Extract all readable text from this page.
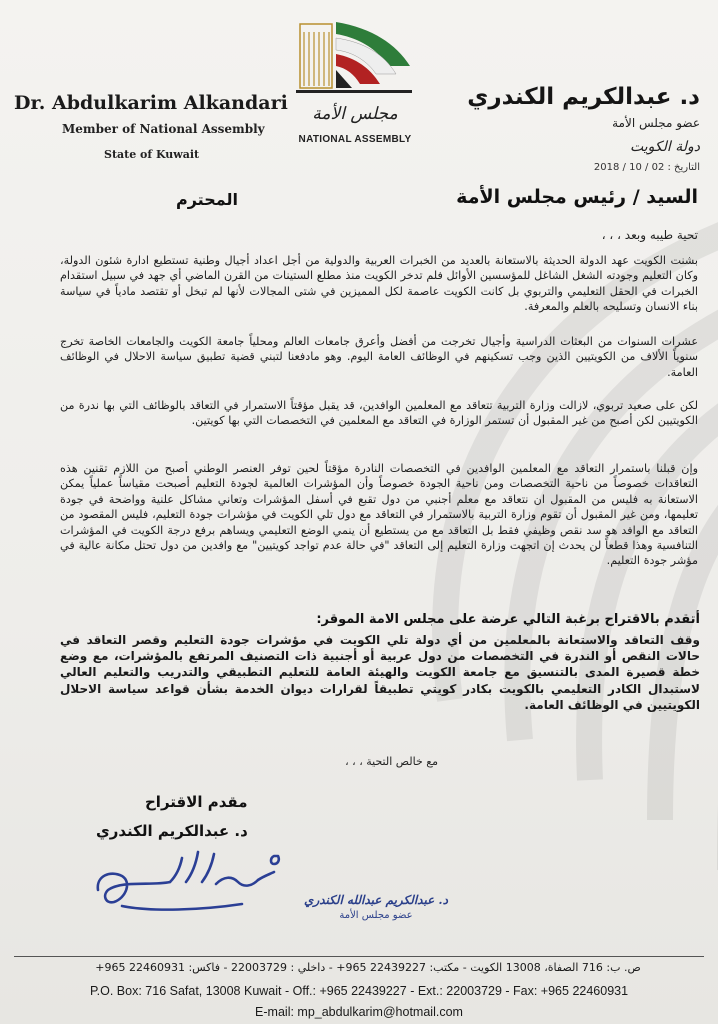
Dr. Abdulkarim Alkandari
Member of National Assembly
State of Kuwait
مجلس الأمة
NATIONAL ASSEMBLY
د. عبدالكريم الكندري
عضو مجلس الأمة
دولة الكويت
التاريخ : 02 / 10 / 2018
السيد / رئيس مجلس الأمة
المحترم
تحية طيبه وبعد ، ، ،
بشنت الكويت عهد الدولة الحديثة بالاستعانة بالعديد من الخبرات العربية والدولية من أجل اعداد أجيال وطنية تستطيع ادارة شئون الدولة، وكان التعليم وجودته الشغل الشاغل للمؤسسين الأوائل فلم تدخر الكويت منذ مطلع الستينات من القرن الماضي أي جهد في سبيل استقدام الخبرات في الحقل التعليمي والتربوي بل كانت الكويت عاصمة لكل المميزين في شتى المجالات لأنها لم تبخل أو تقتصد مادياً في سياسة بناء الانسان وتسليحه بالعلم والمعرفة.
عشرات السنوات من البعثات الدراسية وأجيال تخرجت من أفضل وأعرق جامعات العالم ومحلياً جامعة الكويت والجامعات الخاصة تخرج سنوياً الألاف من الكويتيين الذين وجب تسكينهم في الوظائف العامة اليوم. وهو مادفعنا لتبني قضية تطبيق سياسة الاحلال في الوظائف العامة.
لكن على صعيد تربوي، لازالت وزارة التربية تتعاقد مع المعلمين الوافدين، قد يقبل مؤقتاً الاستمرار في التعاقد بالوظائف التي بها ندرة من الكويتيين لكن أصبح من غير المقبول أن تستمر الوزارة في التعاقد مع المعلمين في التخصصات التي بها كويتين.
وإن قبلنا باستمرار التعاقد مع المعلمين الوافدين في التخصصات النادرة مؤقتاً لحين توفر العنصر الوطني أصبح من اللازم تقنين هذه التعاقدات خصوصاً من ناحية التخصصات ومن ناحية الجودة خصوصاً وأن المؤشرات العالمية لجودة التعليم أصبحت مقياساً عملياً يمكن الاستعانة به فليس من المقبول ان نتعاقد مع معلم أجنبي من دول تقبع في أسفل المؤشرات وتعاني مشاكل علنية وواضحة في جودة تعليمها، ومن غير المقبول أن تقوم وزارة التربية بالاستمرار في التعاقد مع دول تلي الكويت في مؤشرات جودة التعليم، فليس المقصود من التعاقد مع الوافد هو سد نقص وظيفي فقط بل التعاقد مع من يستطيع أن ينمي الوضع التعليمي ويساهم برفع درجة الكويت في المؤشرات التنافسية وهذا قطعاً لن يحدث إن اتجهت وزارة التعليم إلى التعاقد "في حالة عدم تواجد كويتيين" مع وافدين من دول تحتل مكانة عالية في مؤشر جودة التعليم.
أتقدم بالاقتراح برغبة التالي عرضة على مجلس الامة الموقر:
وقف التعاقد والاستعانة بالمعلمين من أي دولة تلي الكويت في مؤشرات جودة التعليم وقصر التعاقد في حالات النقص أو الندرة في التخصصات من دول عربية أو أجنبية ذات التصنيف المرتفع بالمؤشرات، مع وضع خطة قصيرة المدى بالتنسيق مع جامعة الكويت والهيئة العامة للتعليم التطبيقي والتدريب والتعليم العالي لاستبدال الكادر التعليمي بالكويت بكادر كويتي تطبيقاً لقرارات ديوان الخدمة بشأن قواعد سياسة الاحلال الكويتيين في الوظائف العامة.
مع خالص التحية ، ، ،
مقدم الاقتراح
د. عبدالكريم الكندري
د. عبدالكريم عبدالله الكندري
عضو مجلس الأمة
ص. ب: 716 الصفاة، 13008 الكويت - مكتب: 22439227 965+ - داخلي : 22003729 - فاكس: 22460931 965+
P.O. Box: 716 Safat, 13008 Kuwait - Off.: +965 22439227 - Ext.: 22003729 - Fax: +965 22460931
E-mail: mp_abdulkarim@hotmail.com
